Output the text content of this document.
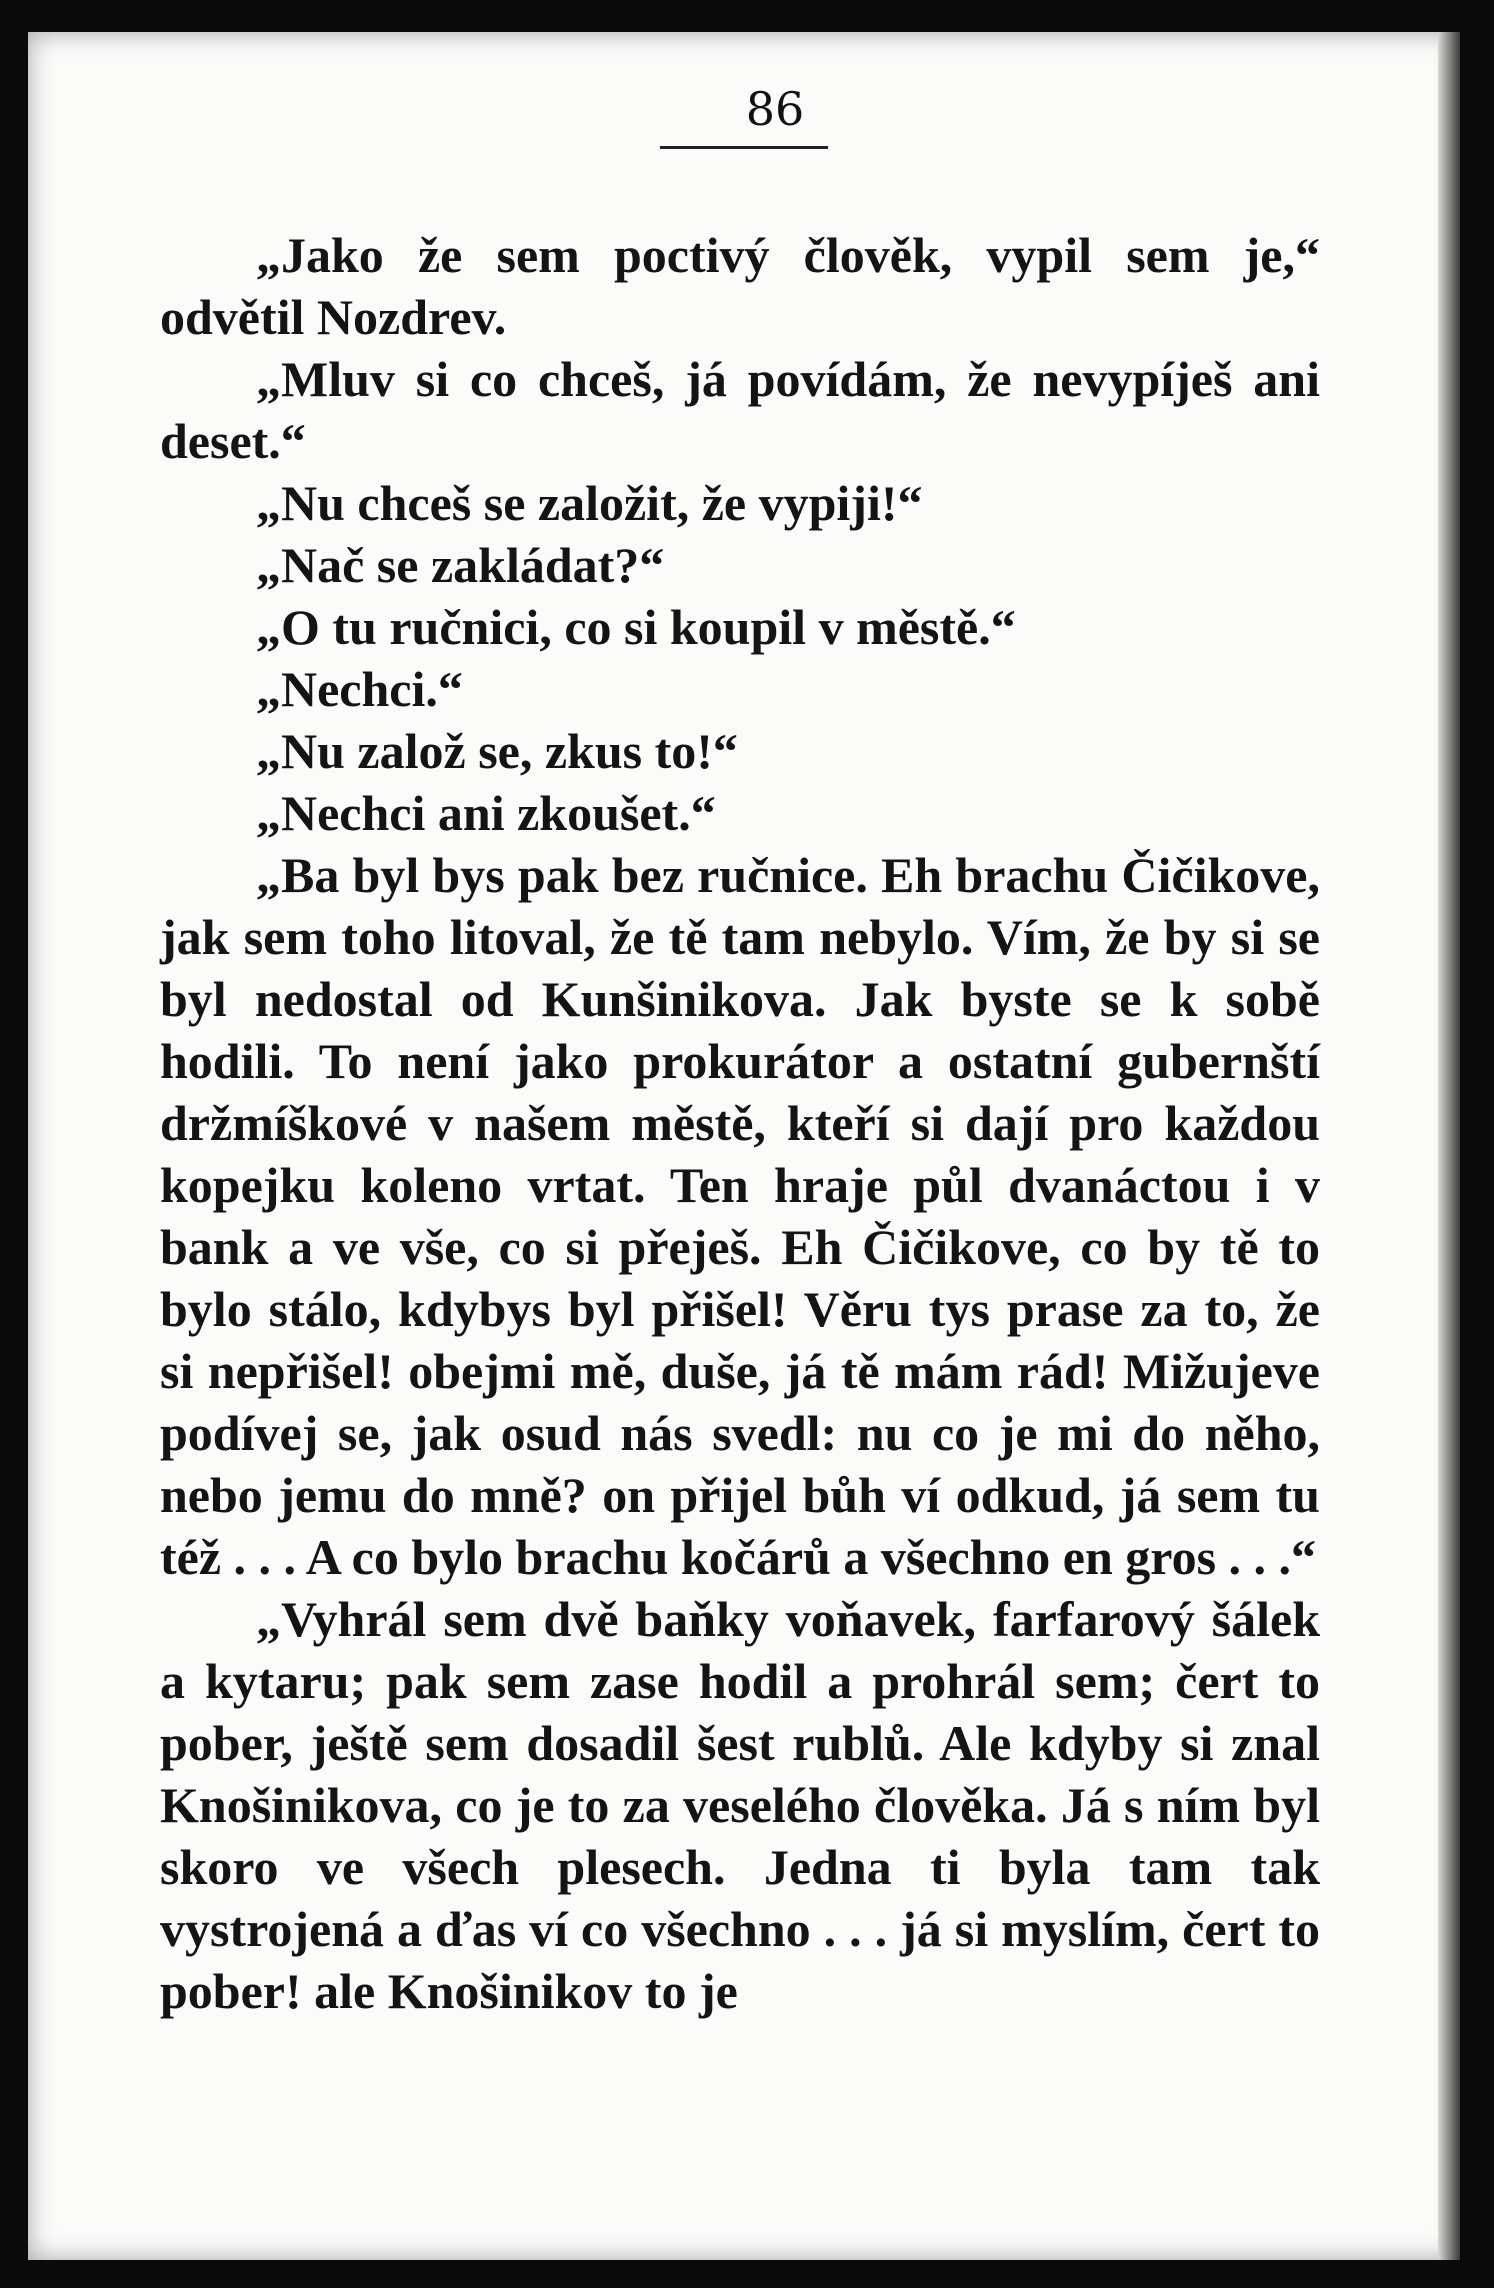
86

„Jako že sem poctivý člověk, vypil sem je,“ odvětil Nozdrev.

„Mluv si co chceš, já povídám, že nevypíješ ani deset.“

„Nu chceš se založit, že vypiji!“

„Nač se zakládat?“

„O tu ručnici, co si koupil v městě.“

„Nechci.“

„Nu založ se, zkus to!“

„Nechci ani zkoušet.“

„Ba byl bys pak bez ručnice. Eh brachu Čičikove, jak sem toho litoval, že tě tam nebylo. Vím, že by si se byl nedostal od Kunšinikova. Jak byste se k sobě hodili. To není jako prokurátor a ostatní gubernští držmíškové v našem městě, kteří si dají pro každou kopejku koleno vrtat. Ten hraje půl dvanáctou i v bank a ve vše, co si přeješ. Eh Čičikove, co by tě to bylo stálo, kdybys byl přišel! Věru tys prase za to, že si nepřišel! obejmi mě, duše, já tě mám rád! Mižujeve podívej se, jak osud nás svedl: nu co je mi do něho, nebo jemu do mně? on přijel bůh ví odkud, já sem tu též . . . A co bylo brachu kočárů a všechno en gros . . .“

„Vyhrál sem dvě baňky voňavek, farfarový šálek a kytaru; pak sem zase hodil a prohrál sem; čert to pober, ještě sem dosadil šest rublů. Ale kdyby si znal Knošinikova, co je to za veselého člověka. Já s ním byl skoro ve všech plesech. Jedna ti byla tam tak vystrojená a ďas ví co všechno . . . já si myslím, čert to pober! ale Knošinikov to je
